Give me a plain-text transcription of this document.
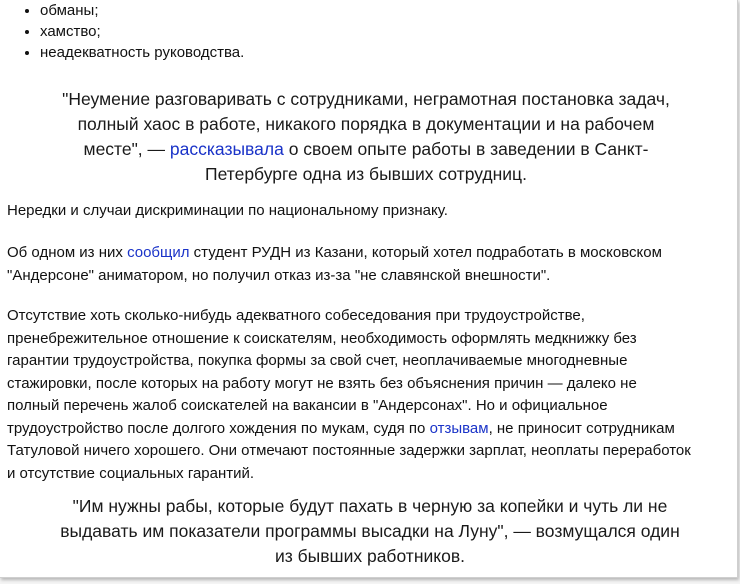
• обманы;
• хамство;
• неадекватность руководства.
"Неумение разговаривать с сотрудниками, неграмотная постановка задач, полный хаос в работе, никакого порядка в документации и на рабочем месте", — рассказывала о своем опыте работы в заведении в Санкт-Петербурге одна из бывших сотрудниц.

Нередки и случаи дискриминации по национальному признаку.

Об одном из них сообщил студент РУДН из Казани, который хотел подработать в московском "Андерсоне" аниматором, но получил отказ из-за "не славянской внешности".

Отсутствие хоть сколько-нибудь адекватного собеседования при трудоустройстве, пренебрежительное отношение к соискателям, необходимость оформлять медкнижку без гарантии трудоустройства, покупка формы за свой счет, неоплачиваемые многодневные стажировки, после которых на работу могут не взять без объяснения причин — далеко не полный перечень жалоб соискателей на вакансии в "Андерсонах". Но и официальное трудоустройство после долгого хождения по мукам, судя по отзывам, не приносит сотрудникам Татуловой ничего хорошего. Они отмечают постоянные задержки зарплат, неоплаты переработок и отсутствие социальных гарантий.

"Им нужны рабы, которые будут пахать в черную за копейки и чуть ли не выдавать им показатели программы высадки на Луну", — возмущался один из бывших работников.
